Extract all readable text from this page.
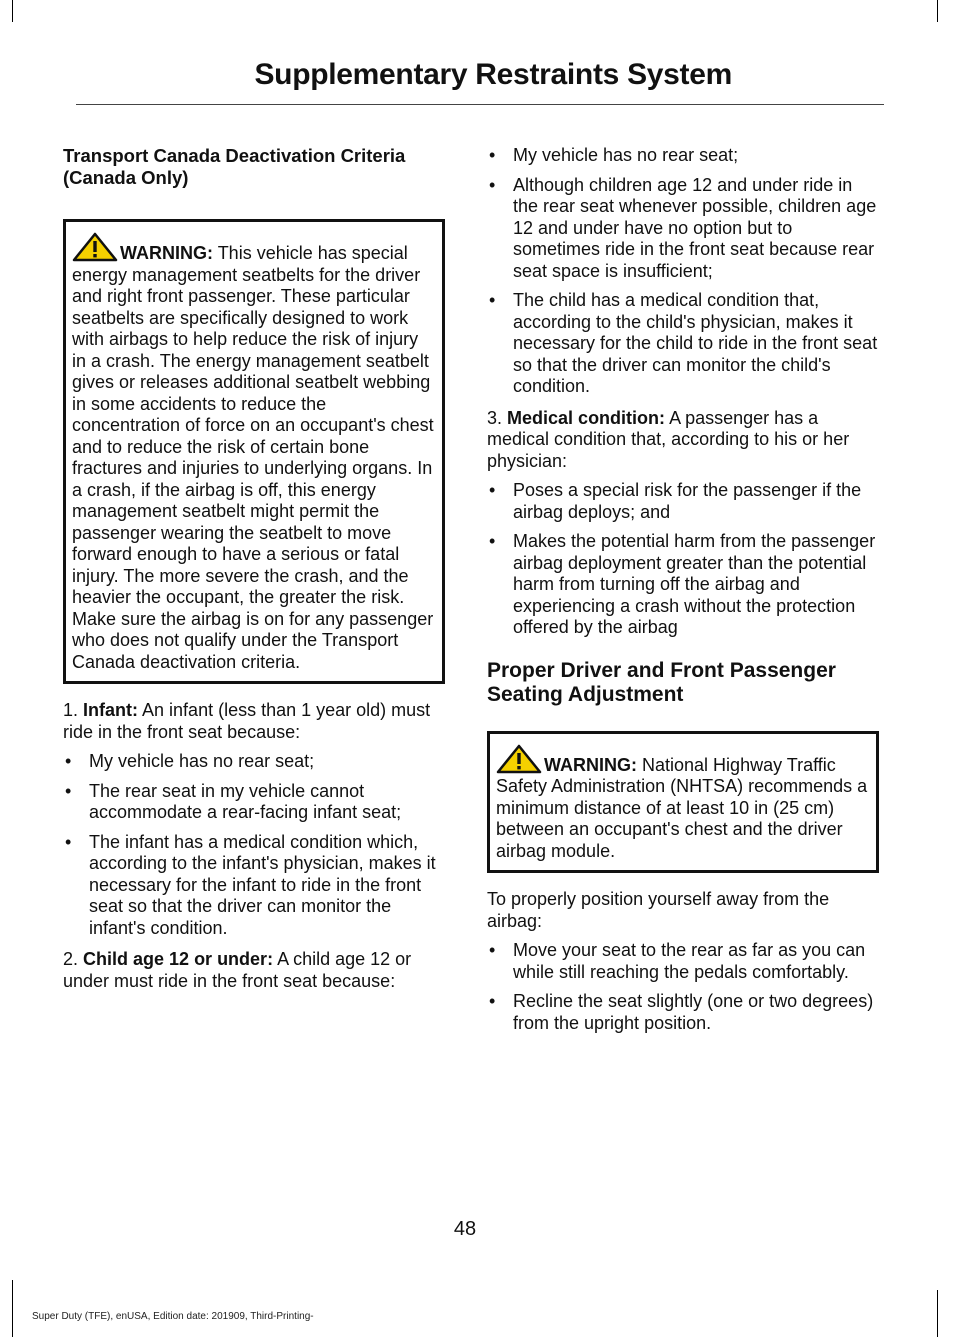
Supplementary Restraints System
Transport Canada Deactivation Criteria (Canada Only)
WARNING: This vehicle has special energy management seatbelts for the driver and right front passenger. These particular seatbelts are specifically designed to work with airbags to help reduce the risk of injury in a crash. The energy management seatbelt gives or releases additional seatbelt webbing in some accidents to reduce the concentration of force on an occupant's chest and to reduce the risk of certain bone fractures and injuries to underlying organs. In a crash, if the airbag is off, this energy management seatbelt might permit the passenger wearing the seatbelt to move forward enough to have a serious or fatal injury. The more severe the crash, and the heavier the occupant, the greater the risk. Make sure the airbag is on for any passenger who does not qualify under the Transport Canada deactivation criteria.

1. Infant: An infant (less than 1 year old) must ride in the front seat because:

• My vehicle has no rear seat;
• The rear seat in my vehicle cannot accommodate a rear-facing infant seat;
• The infant has a medical condition which, according to the infant's physician, makes it necessary for the infant to ride in the front seat so that the driver can monitor the infant's condition.

2. Child age 12 or under: A child age 12 or under must ride in the front seat because:

• My vehicle has no rear seat;
• Although children age 12 and under ride in the rear seat whenever possible, children age 12 and under have no option but to sometimes ride in the front seat because rear seat space is insufficient;
• The child has a medical condition that, according to the child's physician, makes it necessary for the child to ride in the front seat so that the driver can monitor the child's condition.

3. Medical condition: A passenger has a medical condition that, according to his or her physician:

• Poses a special risk for the passenger if the airbag deploys; and
• Makes the potential harm from the passenger airbag deployment greater than the potential harm from turning off the airbag and experiencing a crash without the protection offered by the airbag
Proper Driver and Front Passenger Seating Adjustment
WARNING: National Highway Traffic Safety Administration (NHTSA) recommends a minimum distance of at least 10 in (25 cm) between an occupant's chest and the driver airbag module.

To properly position yourself away from the airbag:

• Move your seat to the rear as far as you can while still reaching the pedals comfortably.
• Recline the seat slightly (one or two degrees) from the upright position.
48
Super Duty (TFE), enUSA, Edition date: 201909, Third-Printing-
